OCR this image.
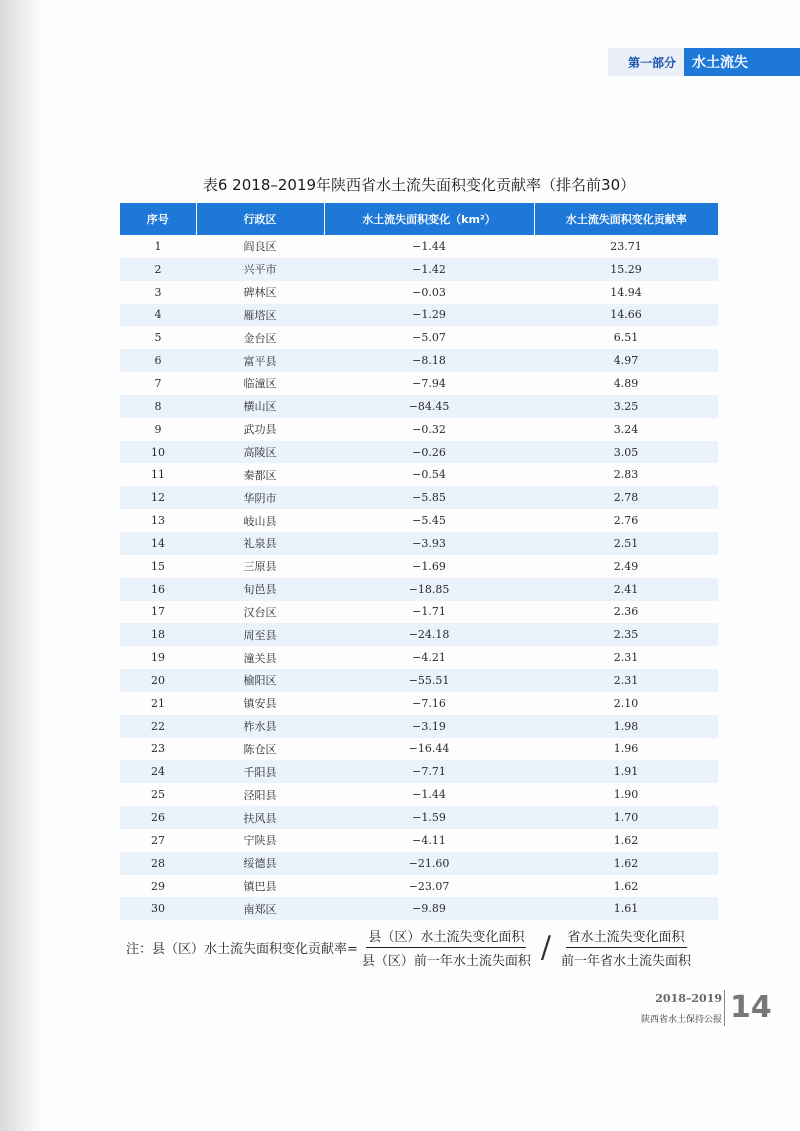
第一部分	水土流失
表6 2018–2019年陕西省水土流失面积变化贡献率（排名前30）
序号	行政区	水土流失面积变化（km²）	水土流失面积变化贡献率
1	阎良区	−1.44	23.71
2	兴平市	−1.42	15.29
3	碑林区	−0.03	14.94
4	雁塔区	−1.29	14.66
5	金台区	−5.07	6.51
6	富平县	−8.18	4.97
7	临潼区	−7.94	4.89
8	横山区	−84.45	3.25
9	武功县	−0.32	3.24
10	高陵区	−0.26	3.05
11	秦都区	−0.54	2.83
12	华阴市	−5.85	2.78
13	岐山县	−5.45	2.76
14	礼泉县	−3.93	2.51
15	三原县	−1.69	2.49
16	旬邑县	−18.85	2.41
17	汉台区	−1.71	2.36
18	周至县	−24.18	2.35
19	潼关县	−4.21	2.31
20	榆阳区	−55.51	2.31
21	镇安县	−7.16	2.10
22	柞水县	−3.19	1.98
23	陈仓区	−16.44	1.96
24	千阳县	−7.71	1.91
25	泾阳县	−1.44	1.90
26	扶风县	−1.59	1.70
27	宁陕县	−4.11	1.62
28	绥德县	−21.60	1.62
29	镇巴县	−23.07	1.62
30	南郑区	−9.89	1.61
注：县（区）水土流失面积变化贡献率= $\frac{\text{县（区）水土流失变化面积}}{\text{县（区）前一年水土流失面积}} / \frac{\text{省水土流失变化面积}}{\text{前一年省水土流失面积}}$
2018–2019
陕西省水土保持公报 14
